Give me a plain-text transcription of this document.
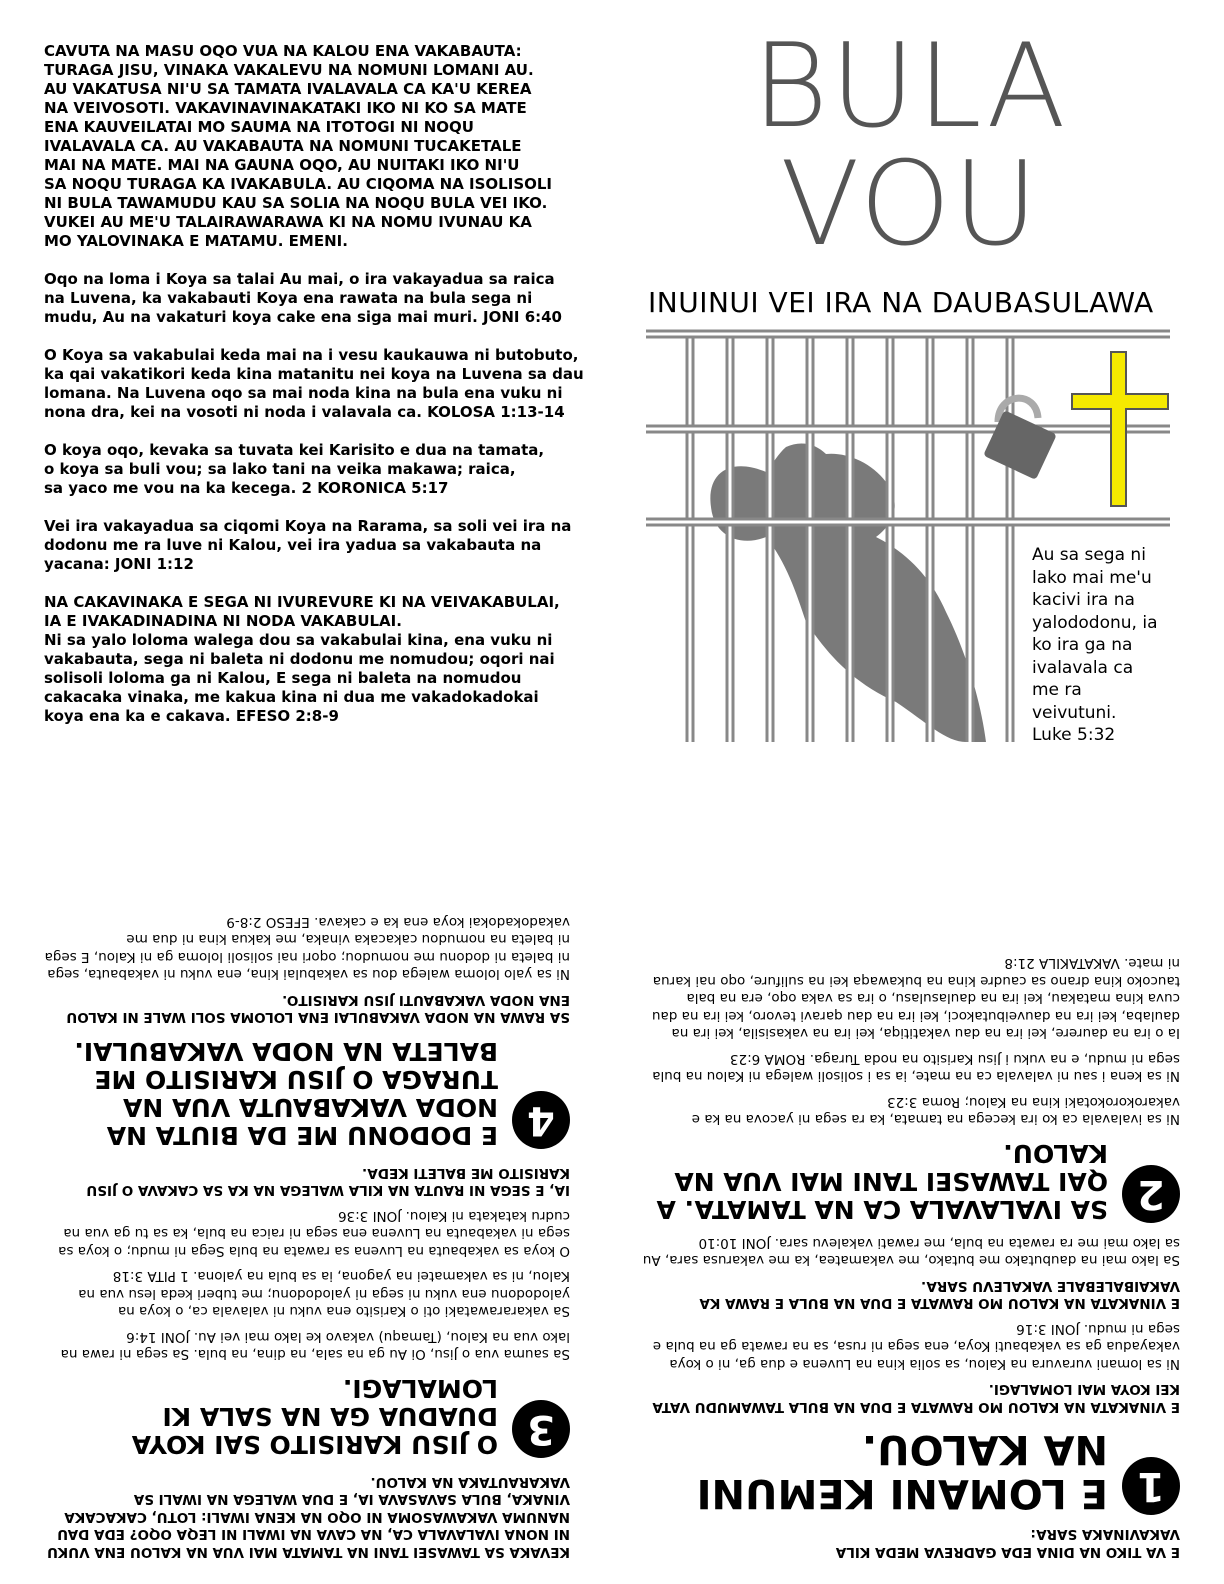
CAVUTA NA MASU OQO VUA NA KALOU ENA VAKABAUTA:
TURAGA JISU, VINAKA VAKALEVU NA NOMUNI LOMANI AU.
AU VAKATUSA NI'U SA TAMATA IVALAVALA CA KA'U KEREA
NA VEIVOSOTI. VAKAVINAVINAKATAKI IKO NI KO SA MATE
ENA KAUVEILATAI MO SAUMA NA ITOTOGI NI NOQU
IVALAVALA CA. AU VAKABAUTA NA NOMUNI TUCAKETALE
MAI NA MATE. MAI NA GAUNA OQO, AU NUITAKI IKO NI'U
SA NOQU TURAGA KA IVAKABULA. AU CIQOMA NA ISOLISOLI
NI BULA TAWAMUDU KAU SA SOLIA NA NOQU BULA VEI IKO.
VUKEI AU ME'U TALAIRAWARAWA KI NA NOMU IVUNAU KA
MO YALOVINAKA E MATAMU. EMENI.

Oqo na loma i Koya sa talai Au mai, o ira vakayadua sa raica
na Luvena, ka vakabauti Koya ena rawata na bula sega ni
mudu, Au na vakaturi koya cake ena siga mai muri. JONI 6:40

O Koya sa vakabulai keda mai na i vesu kaukauwa ni butobuto,
ka qai vakatikori keda kina matanitu nei koya na Luvena sa dau
lomana. Na Luvena oqo sa mai noda kina na bula ena vuku ni
nona dra, kei na vosoti ni noda i valavala ca. KOLOSA 1:13-14

O koya oqo, kevaka sa tuvata kei Karisito e dua na tamata,
o koya sa buli vou; sa lako tani na veika makawa; raica,
sa yaco me vou na ka kecega. 2 KORONICA 5:17

Vei ira vakayadua sa ciqomi Koya na Rarama, sa soli vei ira na
dodonu me ra luve ni Kalou, vei ira yadua sa vakabauta na
yacana: JONI 1:12

NA CAKAVINAKA E SEGA NI IVUREVURE KI NA VEIVAKABULAI,
IA E IVAKADINADINA NI NODA VAKABULAI.
Ni sa yalo loloma walega dou sa vakabulai kina, ena vuku ni
vakabauta, sega ni baleta ni dodonu me nomudou; oqori nai
solisoli loloma ga ni Kalou, E sega ni baleta na nomudou
cakacaka vinaka, me kakua kina ni dua me vakadokadokai
koya ena ka e cakava. EFESO 2:8-9

BULA
VOU
INUINUI VEI IRA NA DAUBASULAWA
Au sa sega ni
lako mai me'u
kacivi ira na
yalododonu, ia
ko ira ga na
ivalavala ca
me ra
veivutuni.
Luke 5:32
KEVAKA SA TAWASEI TANI NA TAMATA MAI VUA NA KALOU ENA VUKU NI NONA IVALAVALA CA, NA CAVA NA IWALI NI LEQA OQO? EDA DAU NANUMA VAKAWASOMA NI OQO NA KENA IWALI: LOTU, CAKACAKA VINAKA, BULA SAVASAVA IA, E DUA WALEGA NA IWALI SA VAKARAUTAKA NA KALOU.
3
O JISU KARISITO SAI KOYA DUADUA GA NA SALA KI LOMALAGI.

Sa sauma vua o Jisu, Oi Au ga na sala, na dina, na bula. Sa sega ni rawa na lako vua na Kalou, (Tamaqu) vakavo ke lako mai vei Au. JONI 14:6

Sa vakararawataki oti o Karisito ena vuku ni valavala ca, o koya na yalododonu ena vuku ni sega ni yalododonu; me tuberi keda lesu vua na Kalou, ni sa vakamatei na yagona, ia sa bula na yalona. 1 PITA 3:18

O koya sa vakabauta na Luvena sa rawata na bula Sega ni mudu; o koya sa sega ni vakabauta na Luvena ena sega ni raica na bula, ka sa tu ga vua na cudru katakata ni Kalou. JONI 3:36

IA, E SEGA NI RAUTA NA KILA WALEGA NA KA SA CAKAVA O JISU KARISITO ME BALETI KEDA.

4
E DODONU ME DA BIUTA NA NODA VAKABAUTA VUA NA TURAGA O JISU KARISITO ME BALETA NA NODA VAKABULAI.

SA RAWA NA NODA VAKABULAI ENA LOLOMA SOLI WALE NI KALOU ENA NODA VAKABAUTI JISU KARISITO.

Ni sa yalo loloma walega dou sa vakabulai kina, ena vuku ni vakabauta, sega ni baleta ni dodonu me nomudou; oqori nai solisoli loloma ga ni Kalou, E sega ni baleta na nomudou cakacaka vinaka, me kakua kina ni dua me vakadokadokai koya ena ka e cakava. EFESO 2:8-9

E VA TIKO NA DINA EDA GADREVA MEDA KILA
VAKAVINAKA SARA:
1
E LOMANI KEMUNI NA KALOU.

E VINAKATA NA KALOU MO RAWATA E DUA NA BULA TAWAMUDU VATA KEI KOYA MAI LOMALAGI.

Ni sa lomani vuravura na Kalou, sa solia kina na Luvena e dua ga, ni o koya vakayadua ga sa vakabauti Koya, ena sega ni rusa, sa na rawata ga na bula e sega ni mudu. JONI 3:16

E VINAKATA NA KALOU MO RAWATA E DUA NA BULA E RAWA KA VAKAIBALEBALE VAKALEVU SARA.

Sa lako mai na daubutako me butako, me vakamatea, ka me vakarusa sara, Au sa lako mai me ra rawata na bula, me rawati vakalevu sara. JONI 10:10

2
SA IVALAVALA CA NA TAMATA. A QAI TAWASEI TANI MAI VUA NA KALOU.

Ni sa ivalavala ca ko ira kecega na tamata, ka ra sega ni yacova na ka e vakarokorokotaki kina na Kalou; Roma 3:23

Ni sa kena i sau ni valavala ca na mate, ia sa i solisoli walega ni Kalou na bula sega ni mudu, e na vuku i Jisu Karisito na noda Turaga. ROMA 6:23

Ia o ira na daurere, kei ira na dau vakatitiqa, kei ira na vakasisila, kei ira na daulaba, kei ira na dauveibutakoci, kei ira na dau qaravi tevoro, kei ira na dau cuva kina matakau, kei ira na daulasulasu, o ira sa vaka oqo, era na bala taucoko kina drano sa caudre kina na bukawaqa kei na sulifure, oqo nai karua ni mate. VAKATAKILA 21:8
